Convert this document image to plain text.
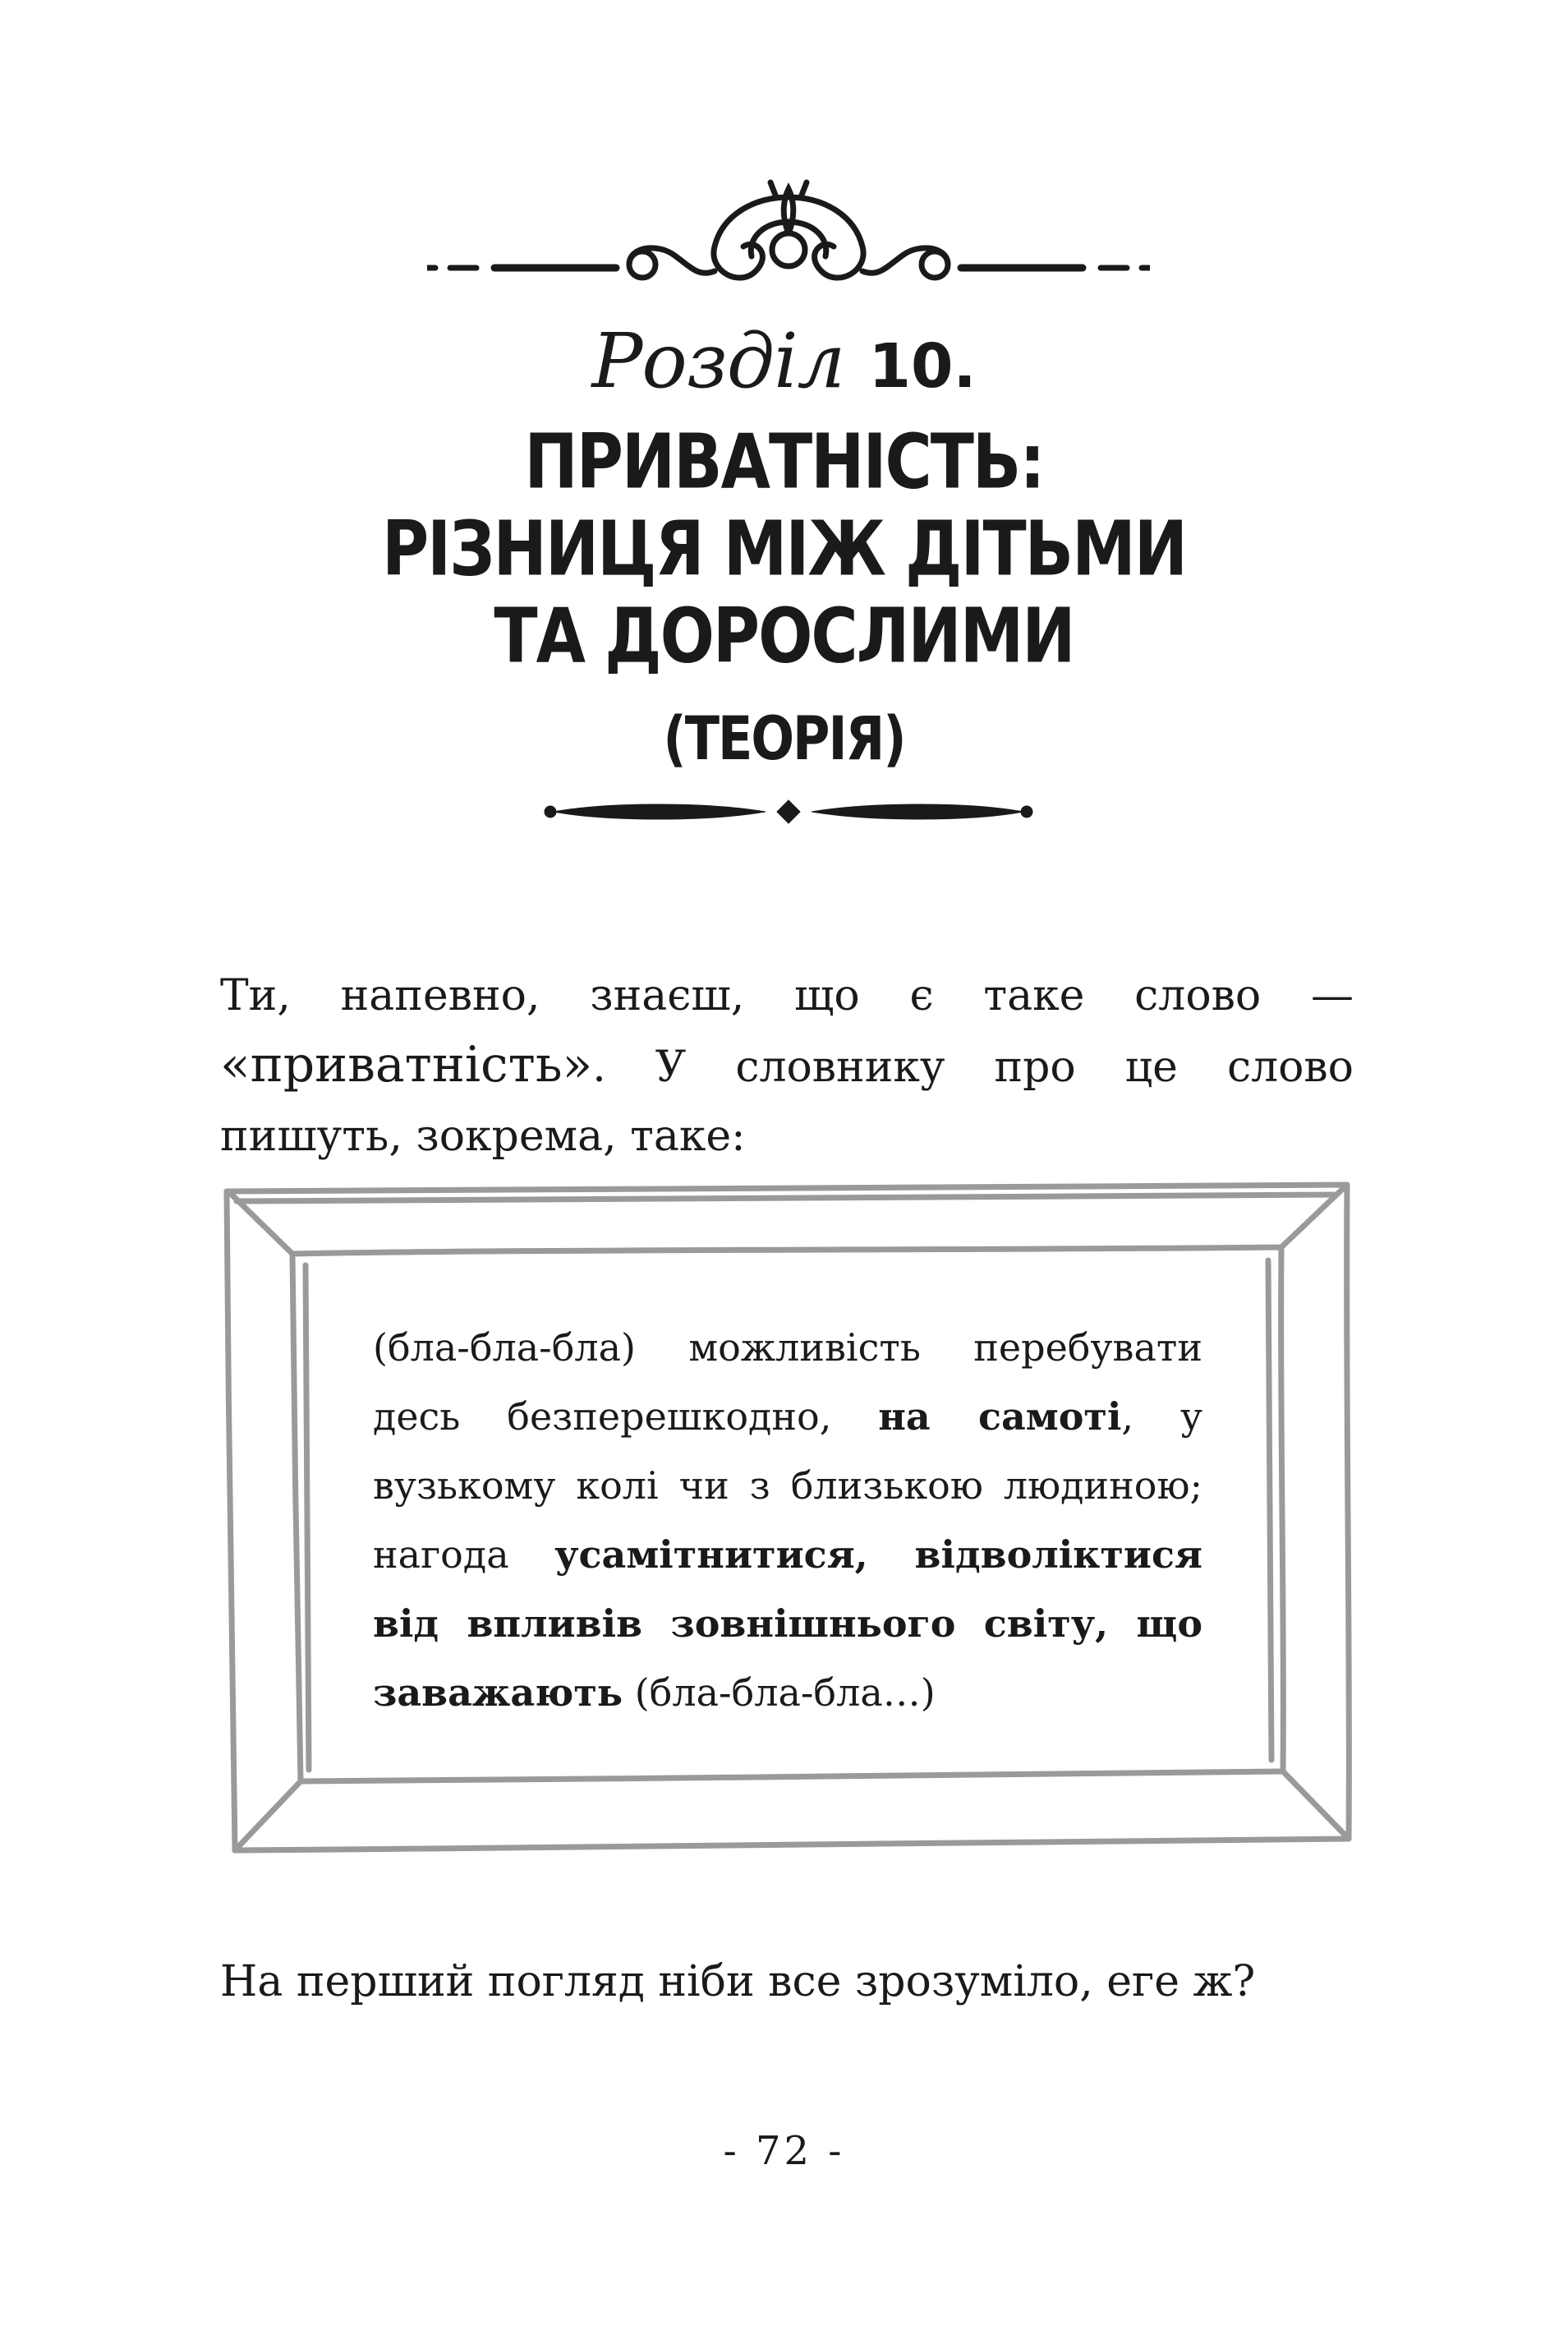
Розділ 10.
ПРИВАТНІСТЬ:
РІЗНИЦЯ МІЖ ДІТЬМИ
ТА ДОРОСЛИМИ
(ТЕОРІЯ)
Ти, напевно, знаєш, що є таке слово — «приватність». У словнику про це слово пишуть, зокрема, таке:
(бла-бла-бла) можливість перебувати десь безперешкодно, на самоті, у вузькому колі чи з близькою людиною; нагода усамітнитися, відволіктися від впливів зовнішнього світу, що заважають (бла-бла-бла…)
На перший погляд ніби все зрозуміло, еге ж?
- 72 -
